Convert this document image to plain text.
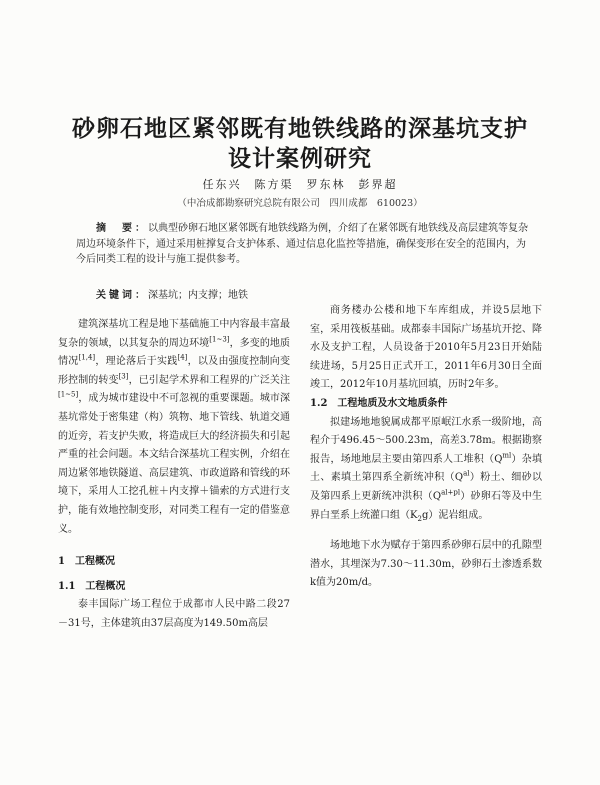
砂卵石地区紧邻既有地铁线路的深基坑支护
设计案例研究

任东兴　陈方渠　罗东林　彭界超

（中冶成都勘察研究总院有限公司　四川成都　610023）

摘　要：以典型砂卵石地区紧邻既有地铁线路为例，介绍了在紧邻既有地铁线及高层建筑等复杂周边环境条件下，通过采用桩撑复合支护体系、通过信息化监控等措施，确保变形在安全的范围内，为今后同类工程的设计与施工提供参考。

关键词：深基坑；内支撑；地铁

建筑深基坑工程是地下基础施工中内容最丰富最复杂的领域，以其复杂的周边环境[1~3]，多变的地质情况[1,4]，理论落后于实践[4]，以及由强度控制向变形控制的转变[3]，已引起学术界和工程界的广泛关注[1~5]，成为城市建设中不可忽视的重要课题。城市深基坑常处于密集建（构）筑物、地下管线、轨道交通的近旁，若支护失败，将造成巨大的经济损失和引起严重的社会问题。本文结合深基坑工程实例，介绍在周边紧邻地铁隧道、高层建筑、市政道路和管线的环境下，采用人工挖孔桩＋内支撑＋锚索的方式进行支护，能有效地控制变形，对同类工程有一定的借鉴意义。

1　工程概况

1.1　工程概况

泰丰国际广场工程位于成都市人民中路二段27－31号，主体建筑由37层高度为149.50m高层

商务楼办公楼和地下车库组成，并设5层地下室，采用筏板基础。成都泰丰国际广场基坑开挖、降水及支护工程，人员设备于2010年5月23日开始陆续进场，5月25日正式开工，2011年6月30日全面竣工，2012年10月基坑回填，历时2年多。

1.2　工程地质及水文地质条件

拟建场地地貌属成都平原岷江水系一级阶地，高程介于496.45～500.23m，高差3.78m。根据勘察报告，场地地层主要由第四系人工堆积$(Q^{ml})$杂填土、素填土第四系全新统冲积$(Q^{al})$粉土、细砂以及第四系上更新统冲洪积$(Q^{al+pl})$砂卵石等及中生界白垩系上统灌口组$(K_2g)$泥岩组成。

场地地下水为赋存于第四系砂卵石层中的孔隙型潜水，其埋深为7.30～11.30m，砂卵石土渗透系数k值为20m/d。
